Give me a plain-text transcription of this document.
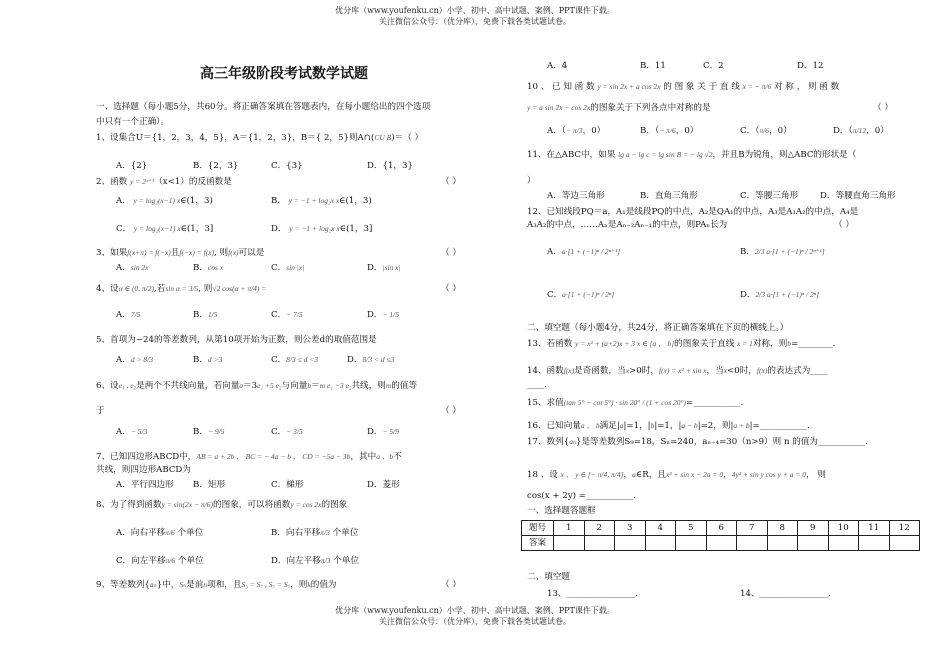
优分库（www.youfenku.cn）小学、初中、高中试题、案例、PPT课件下载。
关注微信公众号：（优分库），免费下载各类试题试卷。
高三年级阶段考试数学试题
一、选择题（每小题5分，共60分。将正确答案填在答题表内，在每小题给出的四个选项
中只有一个正确）。
1、设集合U＝{1，2，3，4，5}，A＝{1，2，3}，B＝{ 2，5}则A∩(CU B)＝（ ）
A．{2}	B．{2，3}	C．{3}	D．{1，3}
2、函数 y = 2ˣ⁺¹（x<1）的反函数是	（ ）
A． y = log₂(x−1) x∈(1，3)	B． y = −1 + log₂x x∈(1，3)
C． y = log₂(x−1) x∈(1，3]	D． y = −1 + log₂x x∈(1，3]
3、如果f(x+π) = f(−x)且f(−x) = f(x), 则f(x)可以是	（ ）
A．sin 2x	B．cos x	C．sin |x|	D．|sin x|
4、设α ∈ (0, π/2),若sin α = 3/5, 则√2 cos(α + π/4) =	（ ）
A．7/5	B．1/5	C．− 7/5	D．− 1/5
5、首项为−24的等差数列，从第10项开始为正数，则公差d的取值范围是
A．d > 8/3	B．d >3	C．8/3 ≤ d <3	D．8/3 < d ≤3
6、设e₁ , e₂是两个不共线向量，若向量a＝3e₁ +5 e₂与向量b＝m e₁ −3 e₂共线，则m的值等
于	（ ）
A．− 5/3	B．− 9/5	C．− 3/5	D．− 5/9
7、已知四边形ABCD中，AB = a + 2b ， BC = − 4a − b ， CD = −5a − 3b，其中a 、b不
共线，则四边形ABCD为
A．平行四边形 B．矩形	C．梯形	D．菱形
8、为了得到函数y = sin(2x − π/6)的图象，可以将函数y = cos 2x的图象
A．向右平移π/6 个单位	B．向右平移π/3 个单位
C．向左平移π/6 个单位	D．向左平移π/3 个单位
9、等差数列{aₙ}中，Sₙ是前n项和，且S₃ = S₇ , S₇ = S₇，则k的值为	（ ）
A．4	B．11	C．2	D．12
10 、 已 知 函 数 y = sin 2x + a cos 2x 的 图 象 关 于 直 线 x = − π/6 对 称 ， 则 函 数
y = a sin 2x − cos 2x的图象关于下列各点中对称的是	（ ）
A．（− π/3，0）	B．（− π/6，0）	C．（π/6，0）	D．（π/12，0）
11、在△ABC中，如果 lg a − lg c = lg sin B = − lg √2，并且B为锐角，则△ABC的形状是（
）
A．等边三角形	B．直角三角形	C．等腰三角形	D．等腰直角三角形
12、已知线段PQ＝a，A₁是线段PQ的中点，A₂是QA₁的中点，A₃是A₁A₂的中点，A₄是
A₃A₂的中点，……Aₙ是Aₙ₋₂Aₙ₋₁的中点，则PAₙ长为	（ ）
A．a·[1 + (−1)ⁿ / 2ⁿ⁺¹]	B．2/3 a·[1 + (−1)ⁿ / 2ⁿ⁺¹]
C．a·[1 + (−1)ⁿ / 2ⁿ]	D．2/3 a·[1 + (−1)ⁿ / 2ⁿ]
二、填空题（每小题4分，共24分，将正确答案填在下页的横线上。）
13、若函数 y = x² + (a+2)x + 3 x ∈ [a ， b]的图象关于直线 x = 1对称，则b=________.
14、函数f(x)是奇函数，当x>0时，f(x) = x² + sin x，当x<0时，f(x)的表达式为____
____.
15、求值(tan 5° − cot 5°) · sin 20° / (1 + cos 20°)=___________.
16、已知向量a 、 b满足|a|=1，|b|=1，|a − b|=2，则|a + b|=___________.
17、数列{aₙ}是等差数列S₉=18，Sₙ=240，aₙ₋₄=30（n>9）则 n 的值为___________.
18 、设 x 、 y ∈ [− π/4, π/4]，a∈R，且x³ + sin x − 2a = 0，4y³ + sin y cos y + a = 0， 则
cos(x + 2y) =___________.
一、选择题答题框
题号	1	2	3	4	5	6	7	8	9	10	11	12
答案												
二、填空题
13、________________.	14、________________.
优分库（www.youfenku.cn）小学、初中、高中试题、案例、PPT课件下载。
关注微信公众号：（优分库），免费下载各类试题试卷。
